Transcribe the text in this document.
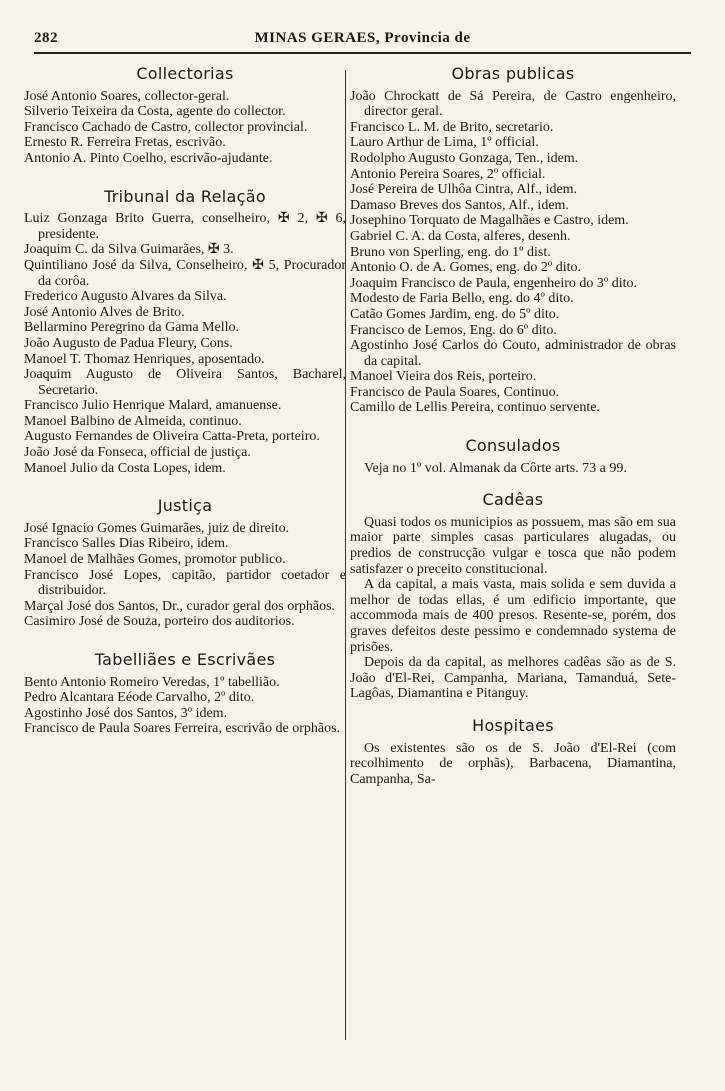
282	MINAS GERAES, Provincia de
Collectorias

José Antonio Soares, collector-geral.

Silverio Teixeira da Costa, agente do collector.

Francisco Cachado de Castro, collector provincial.

Ernesto R. Ferreira Fretas, escrivão.

Antonio A. Pinto Coelho, escrivão-ajudante.

Tribunal da Relação

Luiz Gonzaga Brito Guerra, conselheiro, ✠ 2, ✠ 6, presidente.

Joaquim C. da Silva Guimarães, ✠ 3.

Quintiliano José da Silva, Conselheiro, ✠ 5, Procurador da corôa.

Frederico Augusto Alvares da Silva.

José Antonio Alves de Brito.

Bellarmino Peregrino da Gama Mello.

João Augusto de Padua Fleury, Cons.

Manoel T. Thomaz Henriques, aposentado.

Joaquim Augusto de Oliveira Santos, Bacharel, Secretario.

Francisco Julio Henrique Malard, amanuense.

Manoel Balbino de Almeida, continuo.

Augusto Fernandes de Oliveira Catta-Preta, porteiro.

João José da Fonseca, official de justiça.

Manoel Julio da Costa Lopes, idem.

Justiça

José Ignacio Gomes Guimarães, juiz de direito.

Francisco Salles Dias Ribeiro, idem.

Manoel de Malhães Gomes, promotor publico.

Francisco José Lopes, capitão, partidor coetador e distribuidor.

Marçal José dos Santos, Dr., curador geral dos orphãos.

Casimiro José de Souza, porteiro dos auditorios.

Tabelliães e Escrivães

Bento Antonio Romeiro Veredas, 1º tabellião.

Pedro Alcantara Eéode Carvalho, 2º dito.

Agostinho José dos Santos, 3º idem.

Francisco de Paula Soares Ferreira, escrivão de orphãos.

Obras publicas

João Chrockatt de Sá Pereira, de Castro engenheiro, director geral.

Francisco L. M. de Brito, secretario.

Lauro Arthur de Lima, 1º official.

Rodolpho Augusto Gonzaga, Ten., idem.

Antonio Pereira Soares, 2º official.

José Pereira de Ulhôa Cintra, Alf., idem.

Damaso Breves dos Santos, Alf., idem.

Josephino Torquato de Magalhães e Castro, idem.

Gabriel C. A. da Costa, alferes, desenh.

Bruno von Sperling, eng. do 1º dist.

Antonio O. de A. Gomes, eng. do 2º dito.

Joaquim Francisco de Paula, engenheiro do 3º dito.

Modesto de Faria Bello, eng. do 4º dito.

Catão Gomes Jardim, eng. do 5º dito.

Francisco de Lemos, Eng. do 6º dito.

Agostinho José Carlos do Couto, administrador de obras da capital.

Manoel Vieira dos Reis, porteiro.

Francisco de Paula Soares, Continuo.

Camillo de Lellis Pereira, continuo servente.

Consulados

Veja no 1º vol. Almanak da Côrte arts. 73 a 99.

Cadêas

Quasi todos os municipios as possuem, mas são em sua maior parte simples casas particulares alugadas, ou predios de construcção vulgar e tosca que não podem satisfazer o preceito constitucional.

A da capital, a mais vasta, mais solida e sem duvida a melhor de todas ellas, é um edificio importante, que accommoda mais de 400 presos. Resente-se, porém, dos graves defeitos deste pessimo e condemnado systema de prisões.

Depois da da capital, as melhores cadêas são as de S. João d'El-Rei, Campanha, Mariana, Tamanduá, Sete-Lagôas, Diamantina e Pitanguy.

Hospitaes

Os existentes são os de S. João d'El-Rei (com recolhimento de orphãs), Barbacena, Diamantina, Campanha, Sa-
